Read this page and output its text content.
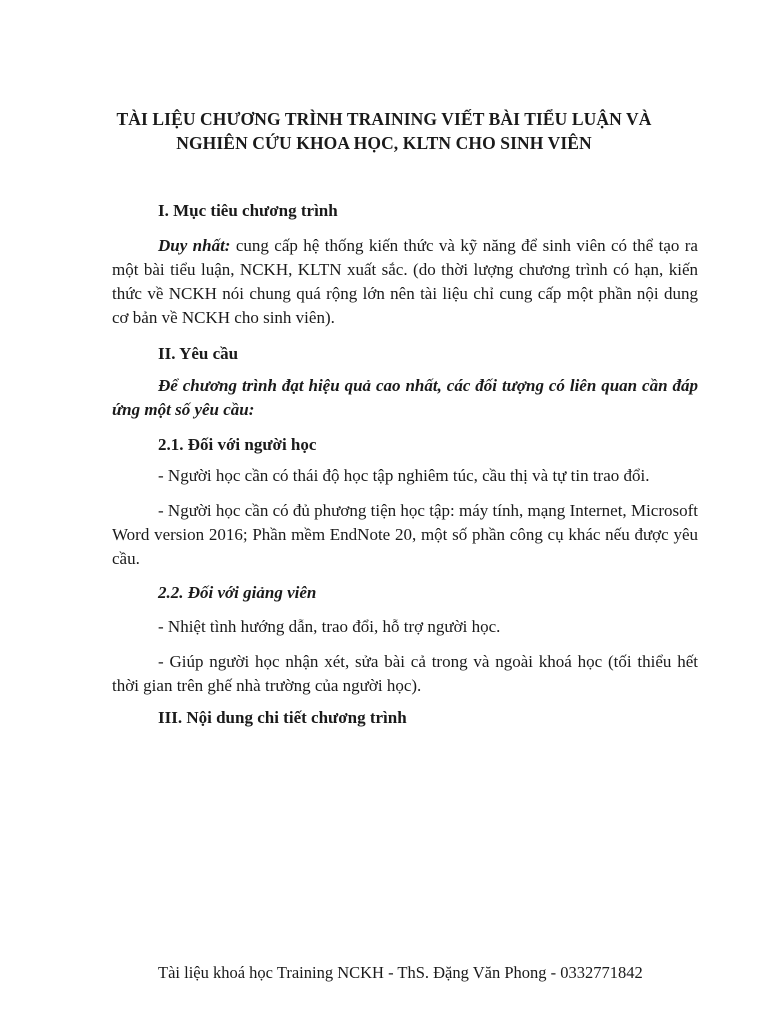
TÀI LIỆU CHƯƠNG TRÌNH TRAINING VIẾT BÀI TIỂU LUẬN VÀ
NGHIÊN CỨU KHOA HỌC, KLTN CHO SINH VIÊN
I. Mục tiêu chương trình
Duy nhất: cung cấp hệ thống kiến thức và kỹ năng để sinh viên có thể tạo ra một bài tiểu luận, NCKH, KLTN xuất sắc. (do thời lượng chương trình có hạn, kiến thức về NCKH nói chung quá rộng lớn nên tài liệu chỉ cung cấp một phần nội dung cơ bản về NCKH cho sinh viên).
II. Yêu cầu
Để chương trình đạt hiệu quả cao nhất, các đối tượng có liên quan cần đáp ứng một số yêu cầu:
2.1. Đối với người học
- Người học cần có thái độ học tập nghiêm túc, cầu thị và tự tin trao đổi.
- Người học cần có đủ phương tiện học tập: máy tính, mạng Internet, Microsoft Word version 2016; Phần mềm EndNote 20, một số phần công cụ khác nếu được yêu cầu.
2.2. Đối với giảng viên
- Nhiệt tình hướng dẫn, trao đổi, hỗ trợ người học.
- Giúp người học nhận xét, sửa bài cả trong và ngoài khoá học (tối thiểu hết thời gian trên ghế nhà trường của người học).
III. Nội dung chi tiết chương trình
Tài liệu khoá học Training NCKH - ThS. Đặng Văn Phong - 0332771842
